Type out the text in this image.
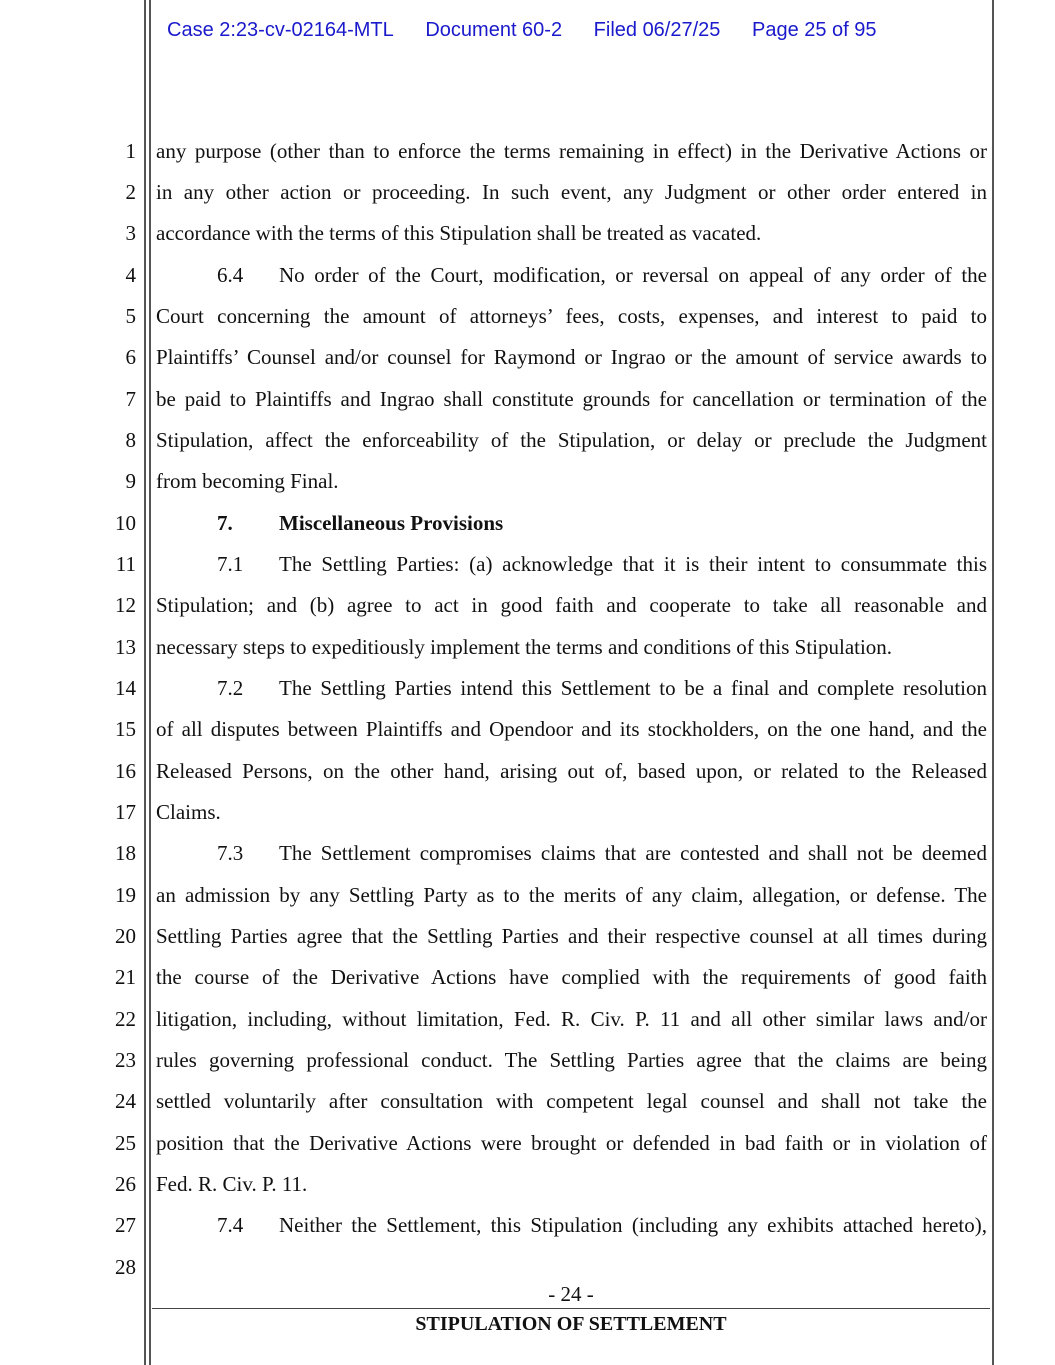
Case 2:23-cv-02164-MTL Document 60-2 Filed 06/27/25 Page 25 of 95
1
2
3
4
5
6
7
8
9
10
11
12
13
14
15
16
17
18
19
20
21
22
23
24
25
26
27
28
any purpose (other than to enforce the terms remaining in effect) in the Derivative Actions or
in any other action or proceeding. In such event, any Judgment or other order entered in
accordance with the terms of this Stipulation shall be treated as vacated.
6.4 No order of the Court, modification, or reversal on appeal of any order of the
Court concerning the amount of attorneys’ fees, costs, expenses, and interest to paid to
Plaintiffs’ Counsel and/or counsel for Raymond or Ingrao or the amount of service awards to
be paid to Plaintiffs and Ingrao shall constitute grounds for cancellation or termination of the
Stipulation, affect the enforceability of the Stipulation, or delay or preclude the Judgment
from becoming Final.
7. Miscellaneous Provisions
7.1 The Settling Parties: (a) acknowledge that it is their intent to consummate this
Stipulation; and (b) agree to act in good faith and cooperate to take all reasonable and
necessary steps to expeditiously implement the terms and conditions of this Stipulation.
7.2 The Settling Parties intend this Settlement to be a final and complete resolution
of all disputes between Plaintiffs and Opendoor and its stockholders, on the one hand, and the
Released Persons, on the other hand, arising out of, based upon, or related to the Released
Claims.
7.3 The Settlement compromises claims that are contested and shall not be deemed
an admission by any Settling Party as to the merits of any claim, allegation, or defense. The
Settling Parties agree that the Settling Parties and their respective counsel at all times during
the course of the Derivative Actions have complied with the requirements of good faith
litigation, including, without limitation, Fed. R. Civ. P. 11 and all other similar laws and/or
rules governing professional conduct. The Settling Parties agree that the claims are being
settled voluntarily after consultation with competent legal counsel and shall not take the
position that the Derivative Actions were brought or defended in bad faith or in violation of
Fed. R. Civ. P. 11.
7.4 Neither the Settlement, this Stipulation (including any exhibits attached hereto),
- 24 -
STIPULATION OF SETTLEMENT
